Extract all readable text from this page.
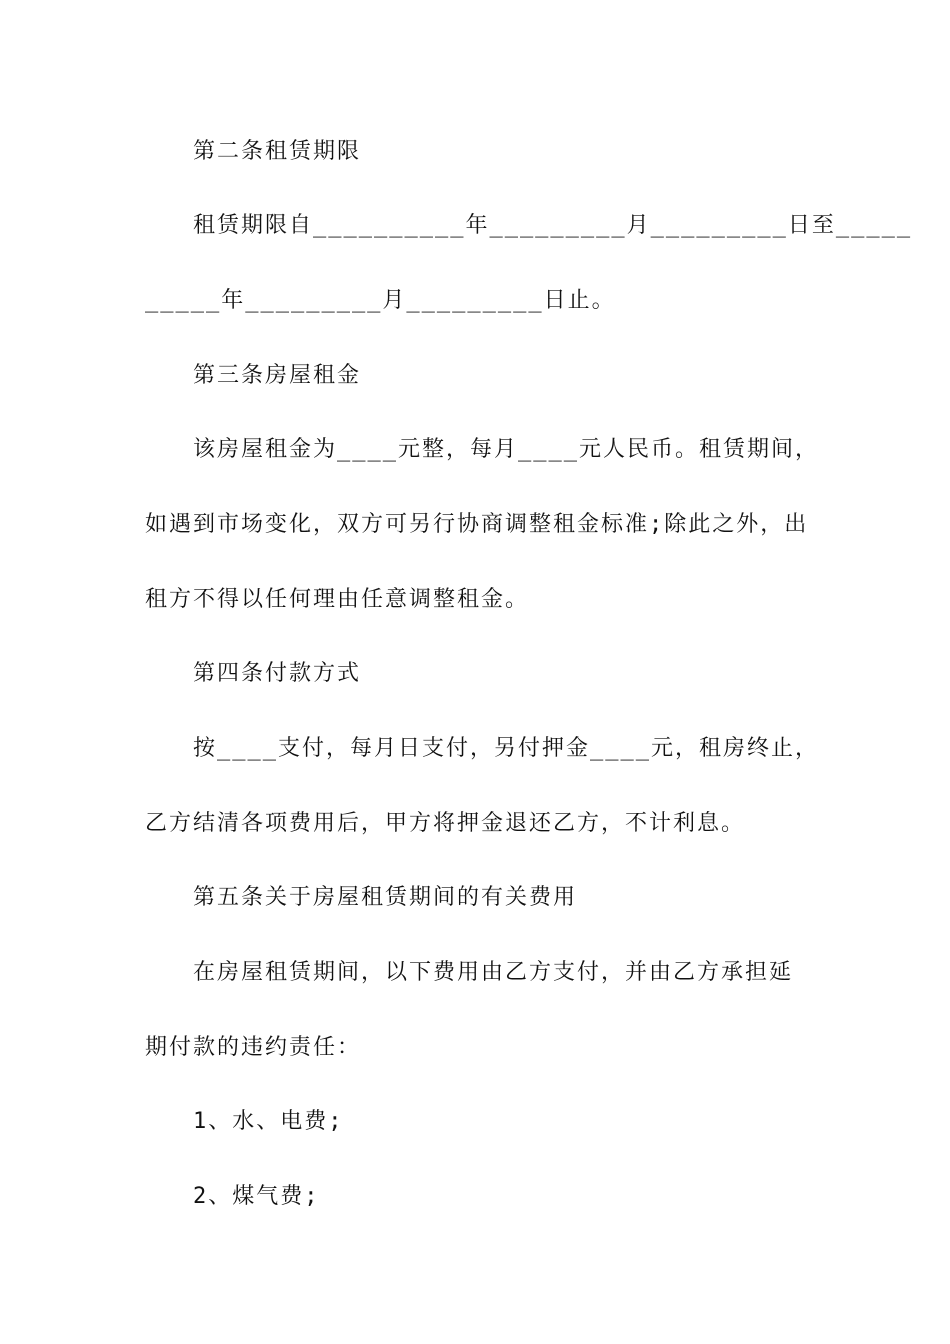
第二条租赁期限
租赁期限自__________年_________月_________日至_____
_____年_________月_________日止。
第三条房屋租金
该房屋租金为____元整，每月____元人民币。租赁期间，
如遇到市场变化，双方可另行协商调整租金标准;除此之外，出
租方不得以任何理由任意调整租金。
第四条付款方式
按____支付，每月日支付，另付押金____元，租房终止，
乙方结清各项费用后，甲方将押金退还乙方，不计利息。
第五条关于房屋租赁期间的有关费用
在房屋租赁期间，以下费用由乙方支付，并由乙方承担延
期付款的违约责任：
1、水、电费;
2、煤气费;
